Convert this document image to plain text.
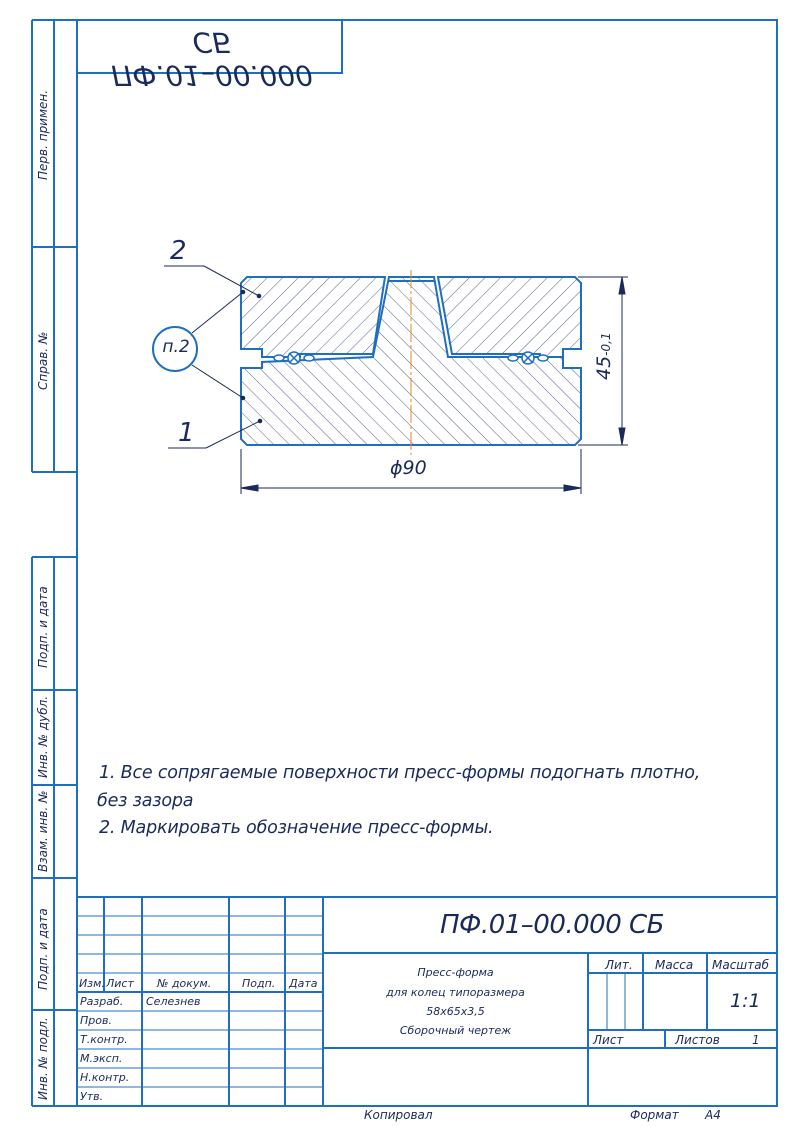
ПФ.01–00.000 СБ
Перв. примен.
Справ. №
Подп. и дата
Инв. № дубл.
Взам. инв. №
Подп. и дата
Инв. № подл.
2
1
п.2
ϕ90
45-0,1
1. Все сопрягаемые поверхности пресс-формы подогнать плотно,
без зазора
2. Маркировать обозначение пресс-формы.
ПФ.01–00.000 СБ
Пресс-форма
для колец типоразмера
58х65х3,5
Сборочный чертеж
Изм. Лист № докум.	Подп. Дата
Разраб. Селезнев
Пров.
Т.контр.
М.эксп.
Н.контр.
Утв.
Лит. Масса Масштаб
1:1
Лист	Листов	1
Копировал	Формат А4
